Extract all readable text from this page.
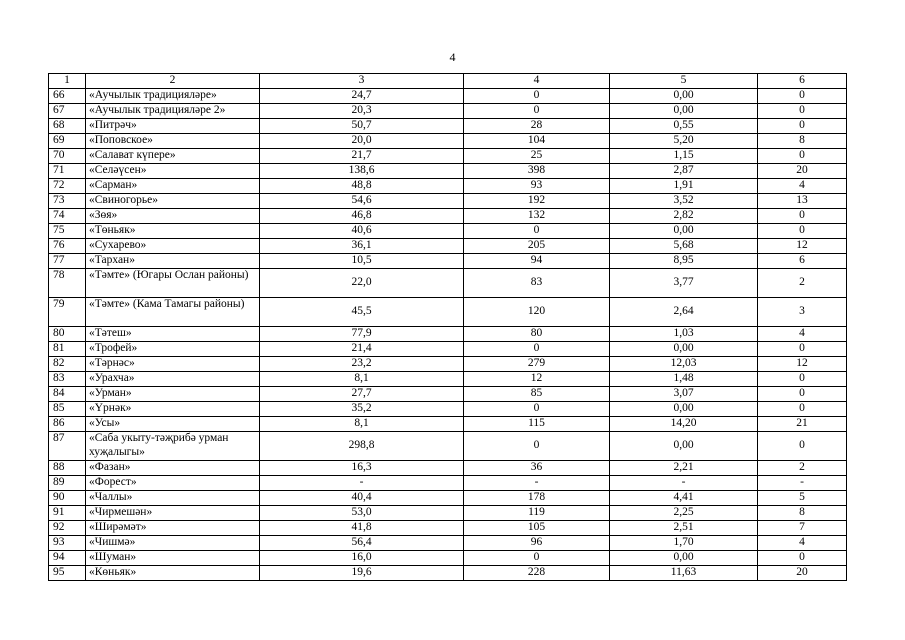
4
1	2	3	4	5	6
66	«Аучылык традицияләре»	24,7	0	0,00	0
67	«Аучылык традицияләре 2»	20,3	0	0,00	0
68	«Питрәч»	50,7	28	0,55	0
69	«Поповское»	20,0	104	5,20	8
70	«Салават күпере»	21,7	25	1,15	0
71	«Селәүсен»	138,6	398	2,87	20
72	«Сарман»	48,8	93	1,91	4
73	«Свиногорье»	54,6	192	3,52	13
74	«Зөя»	46,8	132	2,82	0
75	«Төньяк»	40,6	0	0,00	0
76	«Сухарево»	36,1	205	5,68	12
77	«Тархан»	10,5	94	8,95	6
78	«Тәмте» (Югары Ослан районы)	22,0	83	3,77	2
79	«Тәмте» (Кама Тамагы районы)	45,5	120	2,64	3
80	«Тәтеш»	77,9	80	1,03	4
81	«Трофей»	21,4	0	0,00	0
82	«Тәрнәс»	23,2	279	12,03	12
83	«Урахча»	8,1	12	1,48	0
84	«Урман»	27,7	85	3,07	0
85	«Үрнәк»	35,2	0	0,00	0
86	«Усы»	8,1	115	14,20	21
87	«Саба укыту-тәҗрибә урман хуҗалыгы»	298,8	0	0,00	0
88	«Фазан»	16,3	36	2,21	2
89	«Форест»	-	-	-	-
90	«Чаллы»	40,4	178	4,41	5
91	«Чирмешән»	53,0	119	2,25	8
92	«Ширәмәт»	41,8	105	2,51	7
93	«Чишмә»	56,4	96	1,70	4
94	«Шуман»	16,0	0	0,00	0
95	«Көньяк»	19,6	228	11,63	20
